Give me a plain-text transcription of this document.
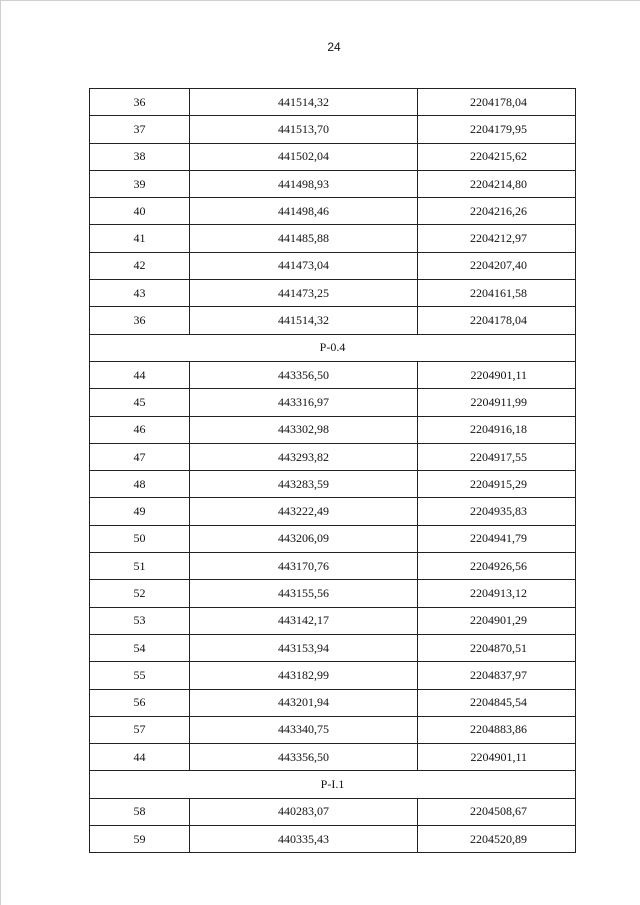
24
36	441514,32	2204178,04
37	441513,70	2204179,95
38	441502,04	2204215,62
39	441498,93	2204214,80
40	441498,46	2204216,26
41	441485,88	2204212,97
42	441473,04	2204207,40
43	441473,25	2204161,58
36	441514,32	2204178,04
Р-0.4		
44	443356,50	2204901,11
45	443316,97	2204911,99
46	443302,98	2204916,18
47	443293,82	2204917,55
48	443283,59	2204915,29
49	443222,49	2204935,83
50	443206,09	2204941,79
51	443170,76	2204926,56
52	443155,56	2204913,12
53	443142,17	2204901,29
54	443153,94	2204870,51
55	443182,99	2204837,97
56	443201,94	2204845,54
57	443340,75	2204883,86
44	443356,50	2204901,11
Р-І.1		
58	440283,07	2204508,67
59	440335,43	2204520,89
